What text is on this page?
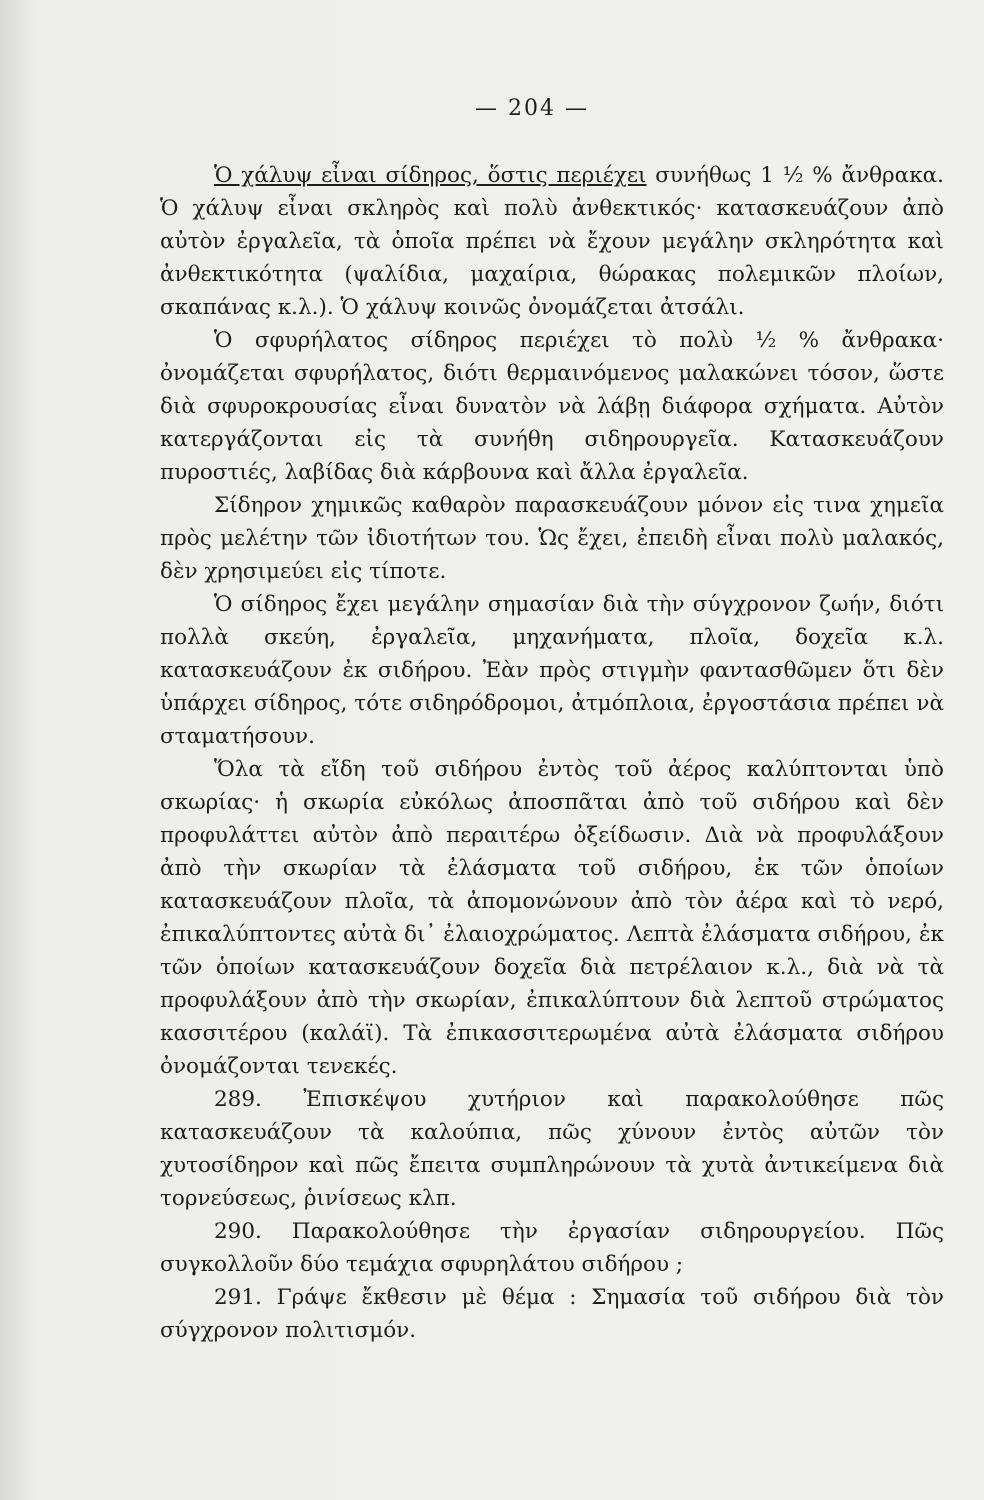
— 204 —

Ὁ χάλυψ εἶναι σίδηρος, ὅστις περιέχει συνήθως 1 ½ % ἄνθρακα. Ὁ χάλυψ εἶναι σκληρὸς καὶ πολὺ ἀνθεκτικός· κατασκευάζουν ἀπὸ αὐτὸν ἐργαλεῖα, τὰ ὁποῖα πρέπει νὰ ἔχουν μεγάλην σκληρότητα καὶ ἀνθεκτικότητα (ψαλίδια, μαχαίρια, θώρακας πολεμικῶν πλοίων, σκαπάνας κ.λ.). Ὁ χάλυψ κοινῶς ὀνομάζεται ἀτσάλι.

Ὁ σφυρήλατος σίδηρος περιέχει τὸ πολὺ ½ % ἄνθρακα· ὀνομάζεται σφυρήλατος, διότι θερμαινόμενος μαλακώνει τόσον, ὥστε διὰ σφυροκρουσίας εἶναι δυνατὸν νὰ λάβῃ διάφορα σχήματα. Αὐτὸν κατεργάζονται εἰς τὰ συνήθη σιδηρουργεῖα. Κατασκευάζουν πυροστιές, λαβίδας διὰ κάρβουνα καὶ ἄλλα ἐργαλεῖα.

Σίδηρον χημικῶς καθαρὸν παρασκευάζουν μόνον εἰς τινα χημεῖα πρὸς μελέτην τῶν ἰδιοτήτων του. Ὡς ἔχει, ἐπειδὴ εἶναι πολὺ μαλακός, δὲν χρησιμεύει εἰς τίποτε.

Ὁ σίδηρος ἔχει μεγάλην σημασίαν διὰ τὴν σύγχρονον ζωήν, διότι πολλὰ σκεύη, ἐργαλεῖα, μηχανήματα, πλοῖα, δοχεῖα κ.λ. κατασκευάζουν ἐκ σιδήρου. Ἐὰν πρὸς στιγμὴν φαντασθῶμεν ὅτι δὲν ὑπάρχει σίδηρος, τότε σιδηρόδρομοι, ἀτμόπλοια, ἐργοστάσια πρέπει νὰ σταματήσουν.

Ὅλα τὰ εἴδη τοῦ σιδήρου ἐντὸς τοῦ ἀέρος καλύπτονται ὑπὸ σκωρίας· ἡ σκωρία εὐκόλως ἀποσπᾶται ἀπὸ τοῦ σιδήρου καὶ δὲν προφυλάττει αὐτὸν ἀπὸ περαιτέρω ὀξείδωσιν. Διὰ νὰ προφυλάξουν ἀπὸ τὴν σκωρίαν τὰ ἐλάσματα τοῦ σιδήρου, ἐκ τῶν ὁποίων κατασκευάζουν πλοῖα, τὰ ἀπομονώνουν ἀπὸ τὸν ἀέρα καὶ τὸ νερό, ἐπικαλύπτοντες αὐτὰ δι᾽ ἐλαιοχρώματος. Λεπτὰ ἐλάσματα σιδήρου, ἐκ τῶν ὁποίων κατασκευάζουν δοχεῖα διὰ πετρέλαιον κ.λ., διὰ νὰ τὰ προφυλάξουν ἀπὸ τὴν σκωρίαν, ἐπικαλύπτουν διὰ λεπτοῦ στρώματος κασσιτέρου (καλάϊ). Τὰ ἐπικασσιτερωμένα αὐτὰ ἐλάσματα σιδήρου ὀνομάζονται τενεκές.

289. Ἐπισκέψου χυτήριον καὶ παρακολούθησε πῶς κατασκευάζουν τὰ καλούπια, πῶς χύνουν ἐντὸς αὐτῶν τὸν χυτοσίδηρον καὶ πῶς ἔπειτα συμπληρώνουν τὰ χυτὰ ἀντικείμενα διὰ τορνεύσεως, ῥινίσεως κλπ.

290. Παρακολούθησε τὴν ἐργασίαν σιδηρουργείου. Πῶς συγκολλοῦν δύο τεμάχια σφυρηλάτου σιδήρου ;

291. Γράψε ἔκθεσιν μὲ θέμα : Σημασία τοῦ σιδήρου διὰ τὸν σύγχρονον πολιτισμόν.
